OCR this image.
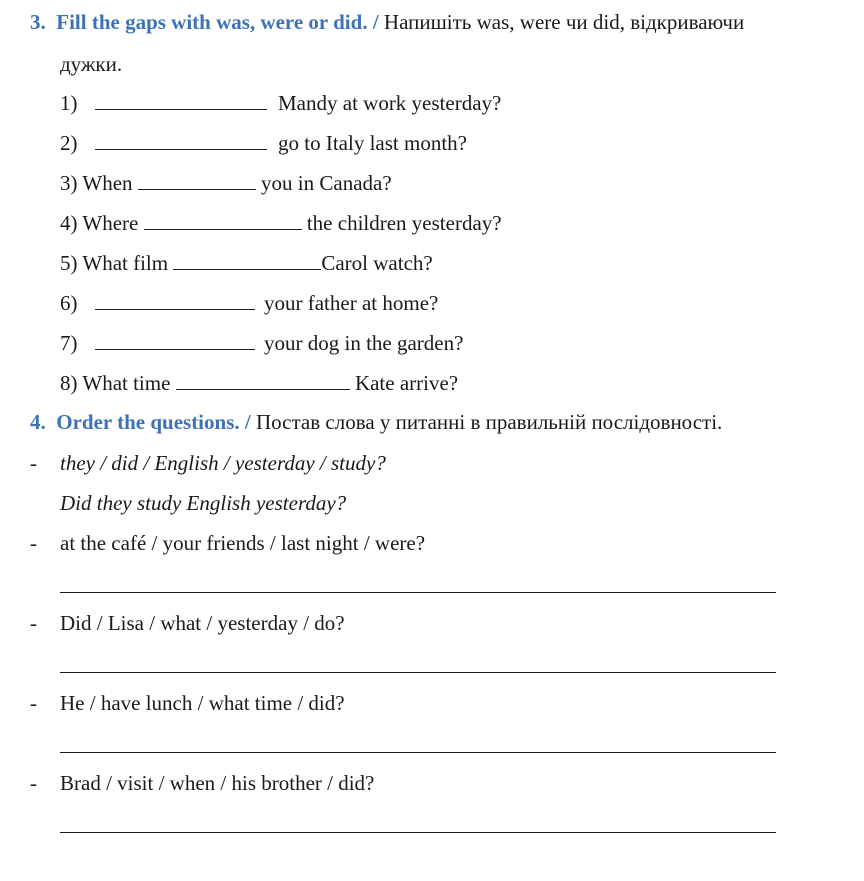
3. Fill the gaps with was, were or did. / Напишіть was, were чи did, відкриваючи
дужки.
1)	Mandy at work yesterday?
2)	go to Italy last month?
3) When	you in Canada?
4) Where	the children yesterday?
5) What film	Carol watch?
6)	your father at home?
7)	your dog in the garden?
8) What time	Kate arrive?
4. Order the questions. / Постав слова у питанні в правильній послідовності.
- they / did / English / yesterday / study?
Did they study English yesterday?
- at the café / your friends / last night / were?
- Did / Lisa / what / yesterday / do?
- He / have lunch / what time / did?
- Brad / visit / when / his brother / did?
